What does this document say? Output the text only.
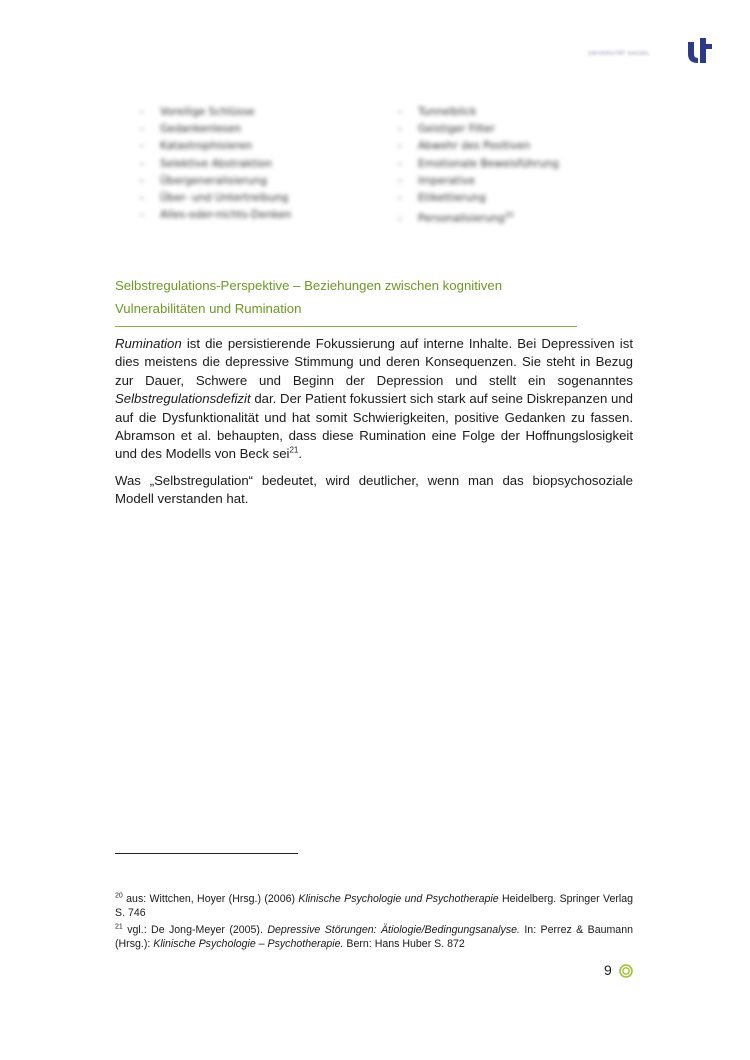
UNIVERSITÄT KASSEL
- Voreilige Schlüsse
- Gedankenlesen
- Katastrophisieren
- Selektive Abstraktion
- Übergeneralisierung
- Über- und Untertreibung
- Alles-oder-nichts-Denken
- Tunnelblick
- Geistiger Filter
- Abwehr des Positiven
- Emotionale Beweisführung
- Imperative
- Etikettierung
- Personalisierung$^{20}$
Selbstregulations-Perspektive – Beziehungen zwischen kognitiven
Vulnerabilitäten und Rumination

Rumination ist die persistierende Fokussierung auf interne Inhalte. Bei Depressiven ist dies meistens die depressive Stimmung und deren Konsequenzen. Sie steht in Bezug zur Dauer, Schwere und Beginn der Depression und stellt ein sogenanntes Selbstregulationsdefizit dar. Der Patient fokussiert sich stark auf seine Diskrepanzen und auf die Dysfunktionalität und hat somit Schwierigkeiten, positive Gedanken zu fassen. Abramson et al. behaupten, dass diese Rumination eine Folge der Hoffnungslosigkeit und des Modells von Beck sei$^{21}$.

Was „Selbstregulation“ bedeutet, wird deutlicher, wenn man das biopsychosoziale Modell verstanden hat.

$^{20}$ aus: Wittchen, Hoyer (Hrsg.) (2006) Klinische Psychologie und Psychotherapie Heidelberg. Springer Verlag S. 746

$^{21}$ vgl.: De Jong-Meyer (2005). Depressive Störungen: Ätiologie/Bedingungsanalyse. In: Perrez & Baumann (Hrsg.): Klinische Psychologie – Psychotherapie. Bern: Hans Huber S. 872

9
